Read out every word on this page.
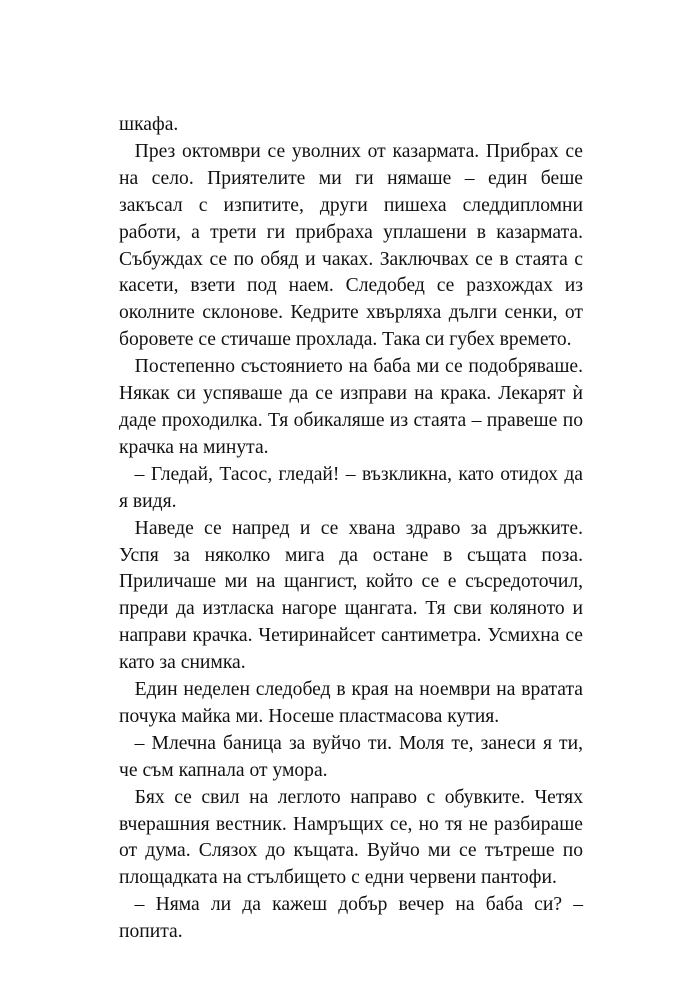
шкафа.

През октомври се уволних от казармата. Прибрах се на село. Приятелите ми ги нямаше – един беше закъсал с изпитите, други пишеха следдипломни работи, а трети ги прибраха уплашени в казармата. Събуждах се по обяд и чаках. Заключвах се в стаята с касети, взети под наем. Следобед се разхождах из околните склонове. Кедрите хвърляха дълги сенки, от боровете се стичаше прохлада. Така си губех времето.

Постепенно състоянието на баба ми се подобряваше. Някак си успяваше да се изправи на крака. Лекарят ѝ даде проходилка. Тя обикаляше из стаята – правеше по крачка на минута.

– Гледай, Тасос, гледай! – възкликна, като отидох да я видя.

Наведе се напред и се хвана здраво за дръжките. Успя за няколко мига да остане в същата поза. Приличаше ми на щангист, който се е съсредоточил, преди да изтласка нагоре щангата. Тя сви коляното и направи крачка. Четиринайсет сантиметра. Усмихна се като за снимка.

Един неделен следобед в края на ноември на вратата почука майка ми. Носеше пластмасова кутия.

– Млечна баница за вуйчо ти. Моля те, занеси я ти, че съм капнала от умора.

Бях се свил на леглото направо с обувките. Четях вчерашния вестник. Намръщих се, но тя не разбираше от дума. Слязох до къщата. Вуйчо ми се тътреше по площадката на стълбището с едни червени пантофи.

– Няма ли да кажеш добър вечер на баба си? – попита.
